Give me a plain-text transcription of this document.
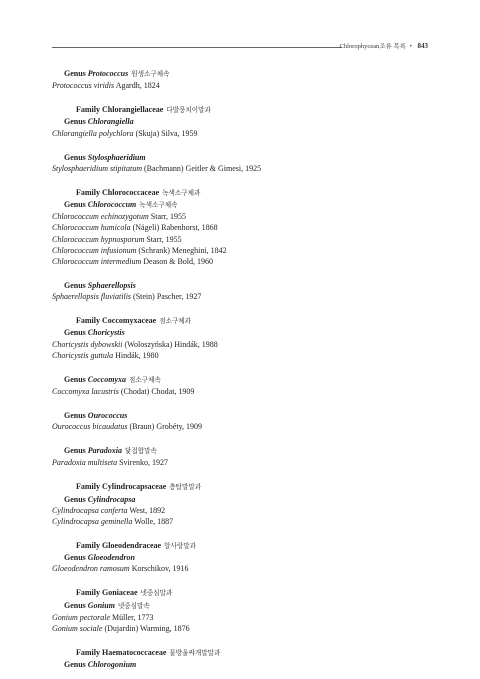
Chlorophycean조류 목록 • 843
Genus Protococcus 원생소구체속
Protococcus viridis Agardh, 1824
Family Chlorangiellaceae 다발뭉치이말과
Genus Chlorangiella
Chlorangiella polychlora (Skuja) Silva, 1959
Genus Stylosphaeridium
Stylosphaeridium stipitatum (Bachmann) Geitler & Gimesi, 1925
Family Chlorococcaceae 녹색소구체과
Genus Chlorococcum 녹색소구체속
Chlorococcum echinozygotum Starr, 1955
Chlorococcum humicola (Nägeli) Rabenhorst, 1868
Chlorococcum hypnosporum Starr, 1955
Chlorococcum infusionum (Schrank) Meneghini, 1842
Chlorococcum intermedium Deason & Bold, 1960
Genus Sphaerellopsis
Sphaerellopsis fluviatilis (Stein) Pascher, 1927
Family Coccomyxaceae 점소구체과
Genus Choricystis
Choricystis dybowskii (Woloszyńska) Hindák, 1988
Choricystis guttula Hindák, 1980
Genus Coccomyxa 점소구체속
Coccomyxa lacustris (Chodat) Chodat, 1909
Genus Ourococcus
Ourococcus bicaudatus (Braun) Grobéty, 1909
Genus Paradoxia 닻접합말속
Paradoxia multiseta Svirenko, 1927
Family Cylindrocapsaceae 층탑말말과
Genus Cylindrocapsa
Cylindrocapsa conferta West, 1892
Cylindrocapsa geminella Wolle, 1887
Family Gloeodendraceae 알사랑말과
Genus Gloeodendron
Gloeodendron ramosum Korschikov, 1916
Family Goniaceae 넷중심말과
Genus Gonium 넷중심말속
Gonium pectorale Müller, 1773
Gonium sociale (Dujardin) Warming, 1876
Family Haematococcaceae 물방울쌰개말말과
Genus Chlorogonium
